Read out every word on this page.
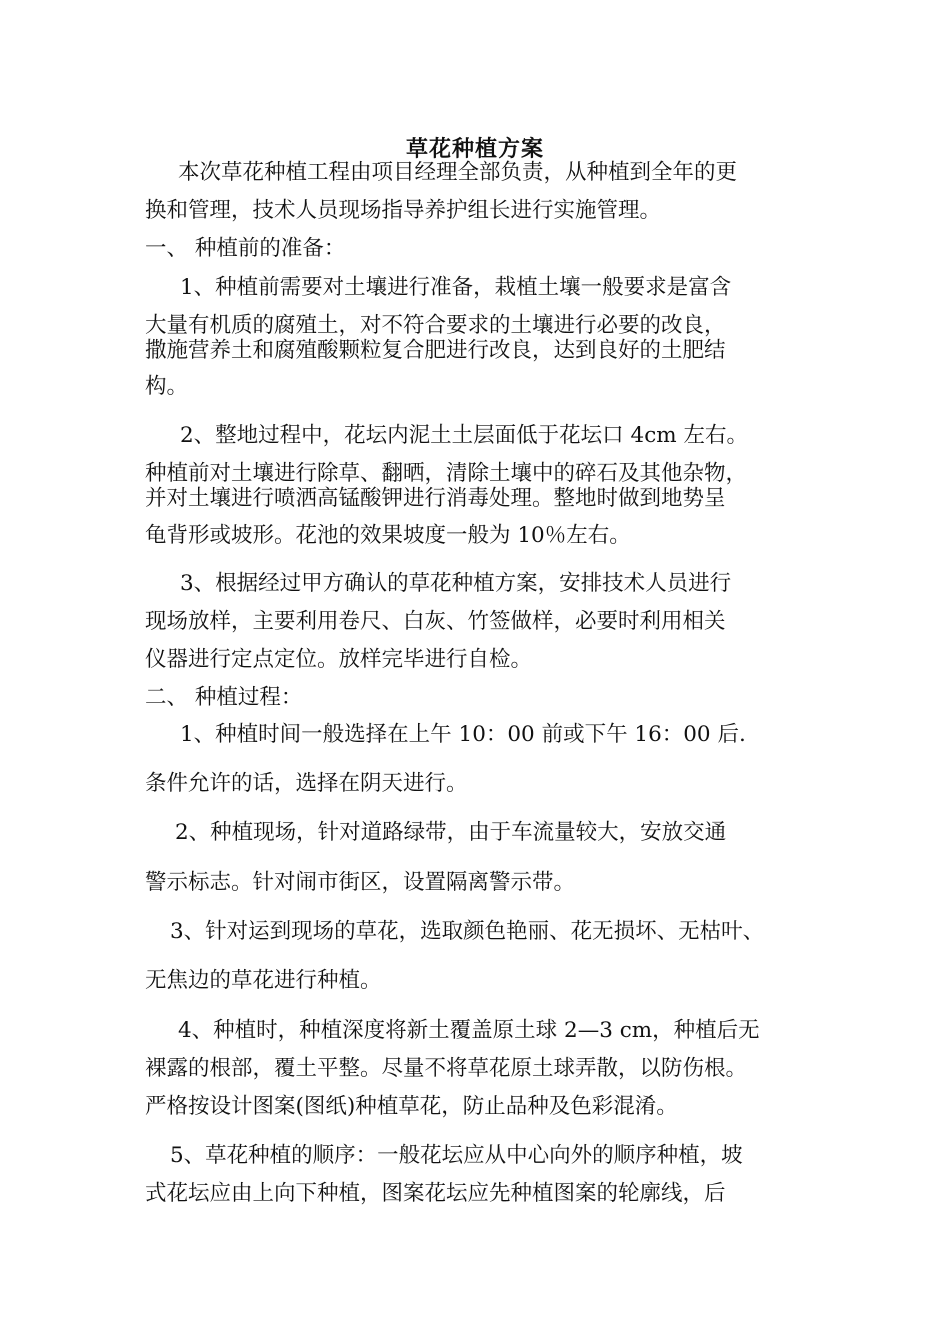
草花种植方案
本次草花种植工程由项目经理全部负责，从种植到全年的更
换和管理，技术人员现场指导养护组长进行实施管理。
一、 种植前的准备：
1、种植前需要对土壤进行准备，栽植土壤一般要求是富含
大量有机质的腐殖土，对不符合要求的土壤进行必要的改良，
撒施营养土和腐殖酸颗粒复合肥进行改良，达到良好的土肥结
构。
2、整地过程中，花坛内泥土土层面低于花坛口 4cm 左右。
种植前对土壤进行除草、翻晒，清除土壤中的碎石及其他杂物，
并对土壤进行喷洒高锰酸钾进行消毒处理。整地时做到地势呈
龟背形或坡形。花池的效果坡度一般为 10％左右。
3、根据经过甲方确认的草花种植方案，安排技术人员进行
现场放样，主要利用卷尺、白灰、竹签做样，必要时利用相关
仪器进行定点定位。放样完毕进行自检。
二、 种植过程：
1、种植时间一般选择在上午 10：00 前或下午 16：00 后.
条件允许的话，选择在阴天进行。
2、种植现场，针对道路绿带，由于车流量较大，安放交通
警示标志。针对闹市街区，设置隔离警示带。
3、针对运到现场的草花，选取颜色艳丽、花无损坏、无枯叶、
无焦边的草花进行种植。
4、种植时，种植深度将新土覆盖原土球 2—3 cm，种植后无
裸露的根部，覆土平整。尽量不将草花原土球弄散，以防伤根。
严格按设计图案(图纸)种植草花，防止品种及色彩混淆。
5、草花种植的顺序：一般花坛应从中心向外的顺序种植，坡
式花坛应由上向下种植，图案花坛应先种植图案的轮廓线，后
